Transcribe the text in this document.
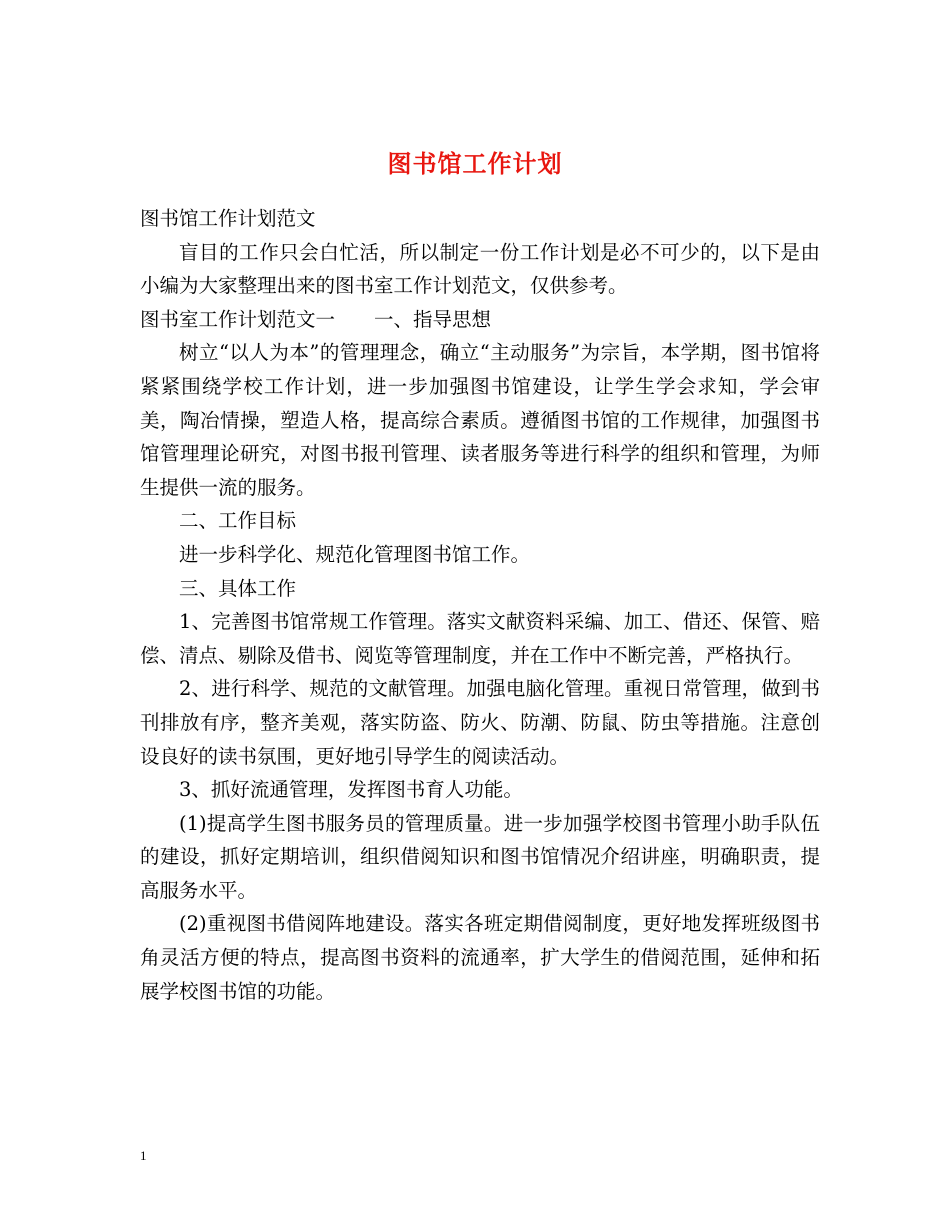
图书馆工作计划

图书馆工作计划范文

盲目的工作只会白忙活，所以制定一份工作计划是必不可少的，以下是由小编为大家整理出来的图书室工作计划范文，仅供参考。

图书室工作计划范文一　　一、指导思想

树立“以人为本”的管理理念，确立“主动服务”为宗旨，本学期，图书馆将紧紧围绕学校工作计划，进一步加强图书馆建设，让学生学会求知，学会审美，陶冶情操，塑造人格，提高综合素质。遵循图书馆的工作规律，加强图书馆管理理论研究，对图书报刊管理、读者服务等进行科学的组织和管理，为师生提供一流的服务。

二、工作目标

进一步科学化、规范化管理图书馆工作。

三、具体工作

1、完善图书馆常规工作管理。落实文献资料采编、加工、借还、保管、赔偿、清点、剔除及借书、阅览等管理制度，并在工作中不断完善，严格执行。

2、进行科学、规范的文献管理。加强电脑化管理。重视日常管理，做到书刊排放有序，整齐美观，落实防盗、防火、防潮、防鼠、防虫等措施。注意创设良好的读书氛围，更好地引导学生的阅读活动。

3、抓好流通管理，发挥图书育人功能。

(1)提高学生图书服务员的管理质量。进一步加强学校图书管理小助手队伍的建设，抓好定期培训，组织借阅知识和图书馆情况介绍讲座，明确职责，提高服务水平。

(2)重视图书借阅阵地建设。落实各班定期借阅制度，更好地发挥班级图书角灵活方便的特点，提高图书资料的流通率，扩大学生的借阅范围，延伸和拓展学校图书馆的功能。

1
